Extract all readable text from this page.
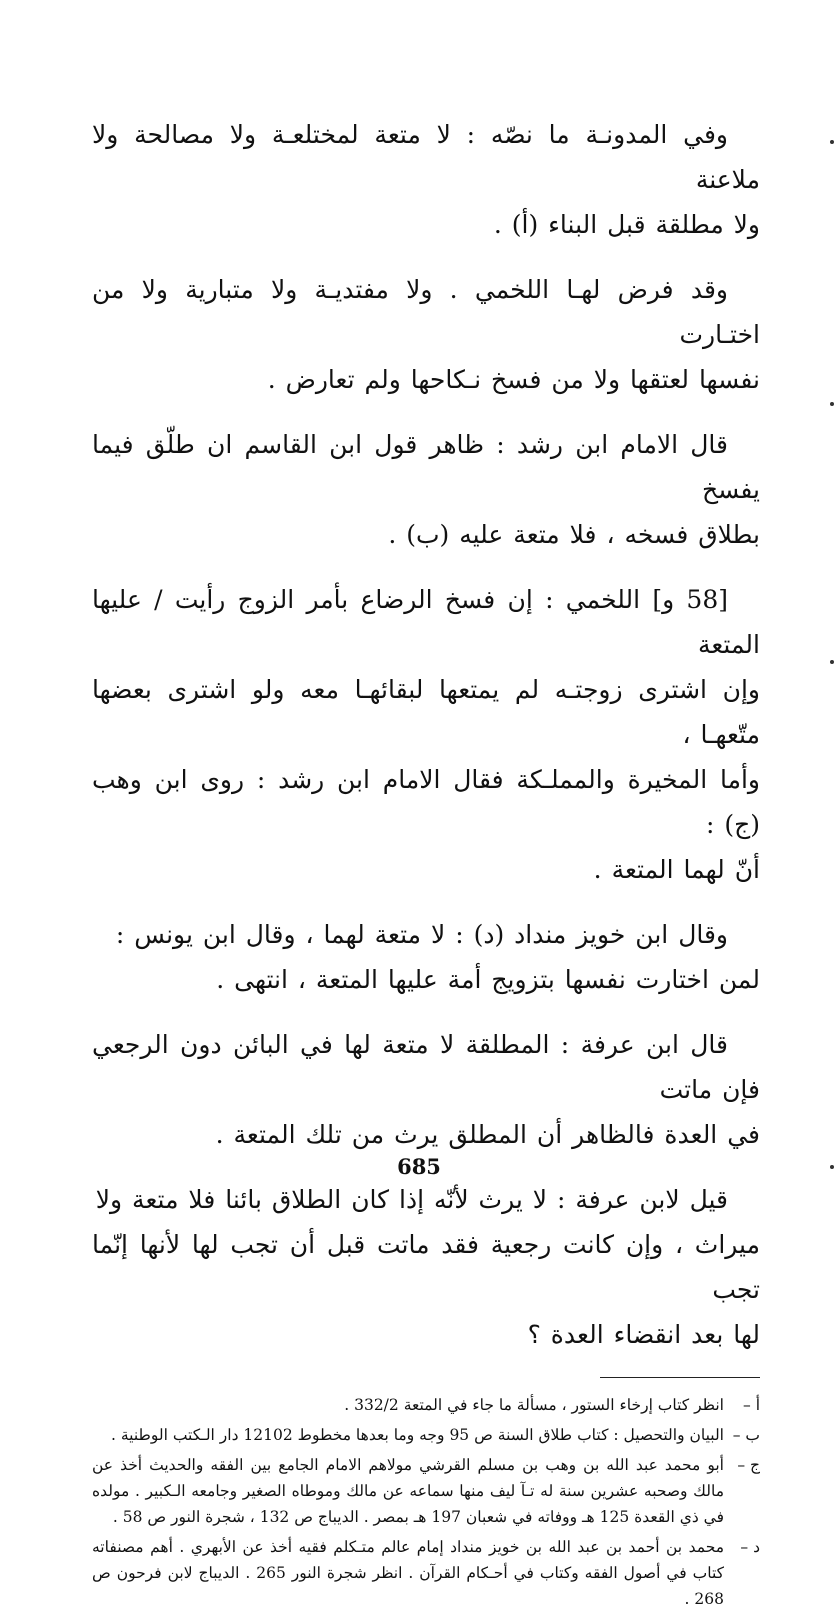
وفي المدونـة ما نصّه : لا متعة لمختلعـة ولا مصالحة ولا ملاعنة
ولا مطلقة قبل البناء (أ) .

وقد فرض لهـا اللخمي . ولا مفتديـة ولا متبارية ولا من اختـارت
نفسها لعتقها ولا من فسخ نـكاحها ولم تعارض .

قال الامام ابن رشد : ظاهر قول ابن القاسم ان طلّق فيما يفسخ
بطلاق فسخه ، فلا متعة عليه (ب) .

[58 و] اللخمي : إن فسخ الرضاع بأمر الزوج رأيت / عليها المتعة
وإن اشترى زوجتـه لم يمتعها لبقائهـا معه ولو اشترى بعضها متّعهـا ،
وأما المخيرة والمملـكة فقال الامام ابن رشد : روى ابن وهب (ج) :
أنّ لهما المتعة .

وقال ابن خويز منداد (د) : لا متعة لهما ، وقال ابن يونس :
لمن اختارت نفسها بتزويج أمة عليها المتعة ، انتهى .

قال ابن عرفة : المطلقة لا متعة لها في البائن دون الرجعي فإن ماتت
في العدة فالظاهر أن المطلق يرث من تلك المتعة .

قيل لابن عرفة : لا يرث لأنّه إذا كان الطلاق بائنا فلا متعة ولا
ميراث ، وإن كانت رجعية فقد ماتت قبل أن تجب لها لأنها إنّما تجب
لها بعد انقضاء العدة ؟

أ –
انظر كتاب إرخاء الستور ، مسألة ما جاء في المتعة 332/2 .
ب –
البيان والتحصيل : كتاب طلاق السنة ص 95 وجه وما بعدها مخطوط 12102 دار الـكتب الوطنية .
ج –
أبو محمد عبد الله بن وهب بن مسلم القرشي مولاهم الامام الجامع بين الفقه والحديث أخذ عن مالك وصحبه عشرين سنة له تـآ ليف منها سماعه عن مالك وموطاه الصغير وجامعه الـكبير . مولده في ذي القعدة 125 هـ ووفاته في شعبان 197 هـ بمصر . الديباج ص 132 ، شجرة النور ص 58 .
د –
محمد بن أحمد بن عبد الله بن خويز منداد إمام عالم متـكلم فقيه أخذ عن الأبهري . أهم مصنفاته كتاب في أصول الفقه وكتاب في أحـكام القرآن . انظر شجرة النور 265 . الديباج لابن فرحون ص 268 .
685
